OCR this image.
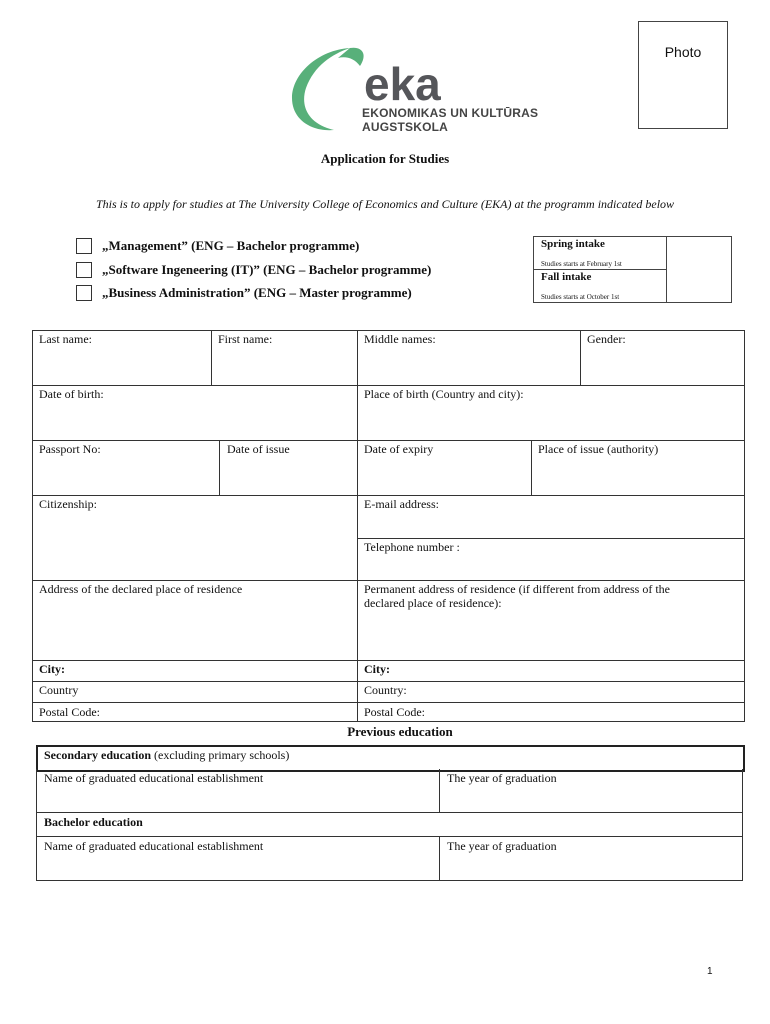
Photo
eka
EKONOMIKAS UN KULTŪRAS
AUGSTSKOLA
Application for Studies
This is to apply for studies at The University College of Economics and Culture (EKA) at the programm indicated below
„Management” (ENG – Bachelor programme)
„Software Ingeneering (IT)” (ENG – Bachelor programme)
„Business Administration” (ENG – Master programme)
Spring intake
Studies starts at February 1st
Fall intake
Studies starts at October 1st
Last name:	First name:	Middle names:	Gender:
Date of birth:	Place of birth (Country and city):
Passport No:	Date of issue	Date of expiry	Place of issue (authority)
Citizenship:	E-mail address:
Telephone number :
Address of the declared place of residence	Permanent address of residence (if different from address of the
declared place of residence):
City:	City:
Country	Country:
Postal Code:	Postal Code:
Previous education
Secondary education (excluding primary schools)
Name of graduated educational establishment	The year of graduation
Bachelor education
Name of graduated educational establishment	The year of graduation
1
